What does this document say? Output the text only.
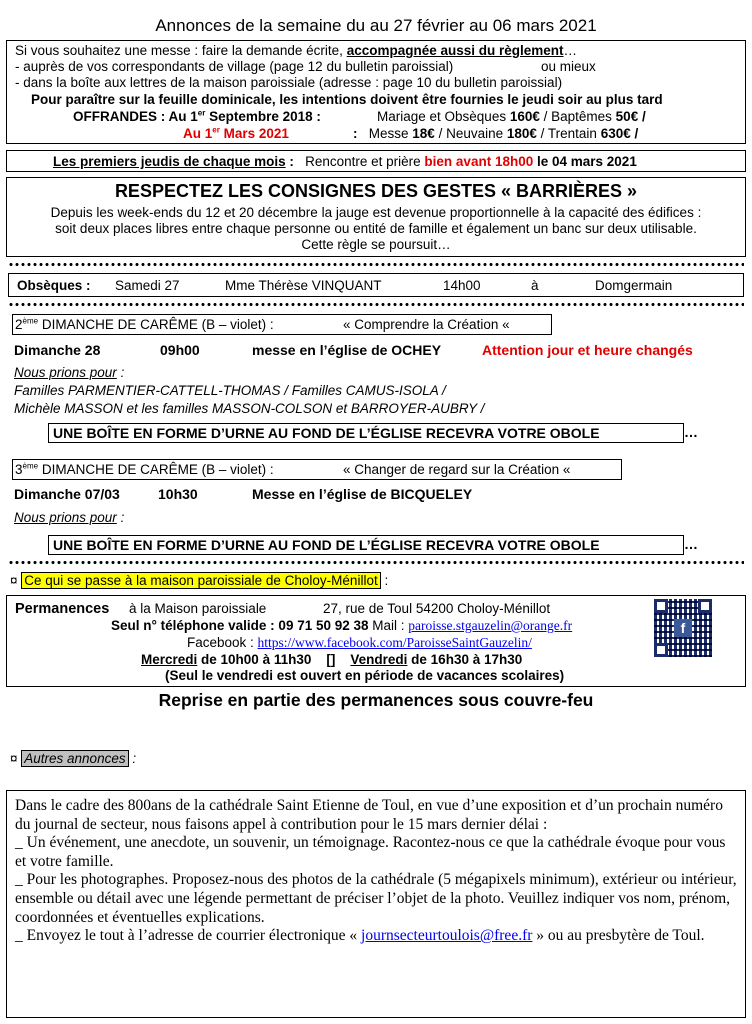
Annonces de la semaine du au 27 février au 06 mars 2021
Si vous souhaitez une messe : faire la demande écrite, accompagnée aussi du règlement…
- auprès de vos correspondants de village (page 12 du bulletin paroissial)	ou mieux
- dans la boîte aux lettres de la maison paroissiale (adresse : page 10 du bulletin paroissial)
Pour paraître sur la feuille dominicale, les intentions doivent être fournies le jeudi soir au plus tard
OFFRANDES : Au 1er Septembre 2018 :	Mariage et Obsèques 160€ / Baptêmes 50€ /
Au 1er Mars 2021	: Messe 18€ / Neuvaine 180€ / Trentain 630€ /
Les premiers jeudis de chaque mois : Rencontre et prière bien avant 18h00 le 04 mars 2021
RESPECTEZ LES CONSIGNES DES GESTES « BARRIÈRES »
Depuis les week-ends du 12 et 20 décembre la jauge est devenue proportionnelle à la capacité des édifices :
soit deux places libres entre chaque personne ou entité de famille et également un banc sur deux utilisable.
Cette règle se poursuit…
Obsèques : Samedi 27	Mme Thérèse VINQUANT	14h00	à	Domgermain
2ème DIMANCHE DE CARÊME (B – violet) :	« Comprendre la Création «
Dimanche 28	09h00	messe en l’église de OCHEY	Attention jour et heure changés
Nous prions pour :
Familles PARMENTIER-CATTELL-THOMAS / Familles CAMUS-ISOLA /
Michèle MASSON et les familles MASSON-COLSON et BARROYER-AUBRY /
UNE BOÎTE EN FORME D’URNE AU FOND DE L’ÉGLISE RECEVRA VOTRE OBOLE	…
3ème DIMANCHE DE CARÊME (B – violet) :	« Changer de regard sur la Création «
Dimanche 07/03	10h30	Messe en l’église de BICQUELEY
Nous prions pour :
UNE BOÎTE EN FORME D’URNE AU FOND DE L’ÉGLISE RECEVRA VOTRE OBOLE	…
¤ Ce qui se passe à la maison paroissiale de Choloy-Ménillot :
Permanences à la Maison paroissiale	27, rue de Toul 54200 Choloy-Ménillot
Seul n° téléphone valide : 09 71 50 92 38 Mail : paroisse.stgauzelin@orange.fr
Facebook : https://www.facebook.com/ParoisseSaintGauzelin/
Mercredi de 10h00 à 11h30 [] Vendredi de 16h30 à 17h30
(Seul le vendredi est ouvert en période de vacances scolaires)
f
Reprise en partie des permanences sous couvre-feu
¤ Autres annonces :
Dans le cadre des 800ans de la cathédrale Saint Etienne de Toul, en vue d’une exposition et d’un prochain numéro du journal de secteur, nous faisons appel à contribution pour le 15 mars dernier délai :
_ Un événement, une anecdote, un souvenir, un témoignage. Racontez-nous ce que la cathédrale évoque pour vous et votre famille.
_ Pour les photographes. Proposez-nous des photos de la cathédrale (5 mégapixels minimum), extérieur ou intérieur, ensemble ou détail avec une légende permettant de préciser l’objet de la photo. Veuillez indiquer vos nom, prénom, coordonnées et éventuelles explications.
_ Envoyez le tout à l’adresse de courrier électronique « journsecteurtoulois@free.fr » ou au presbytère de Toul.
